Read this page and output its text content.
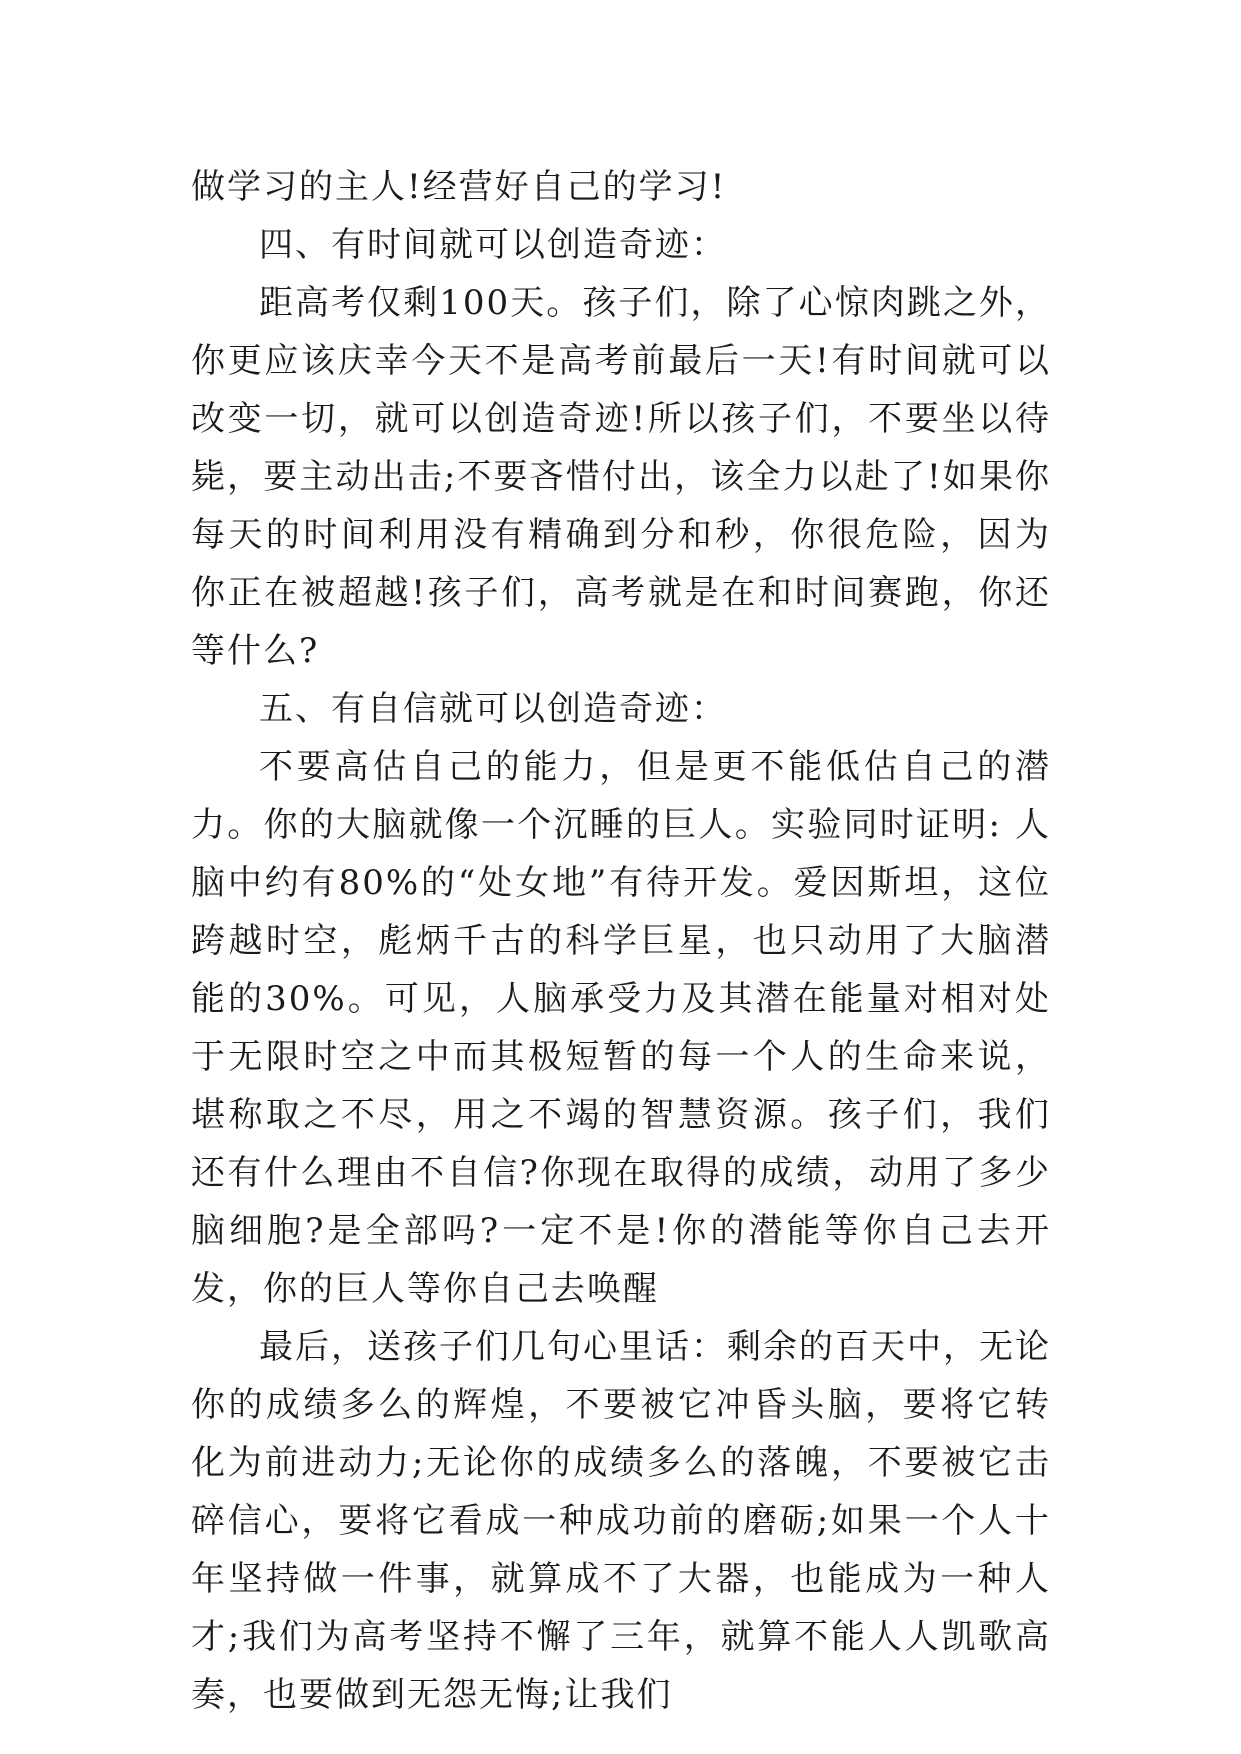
做学习的主人!经营好自己的学习!

四、有时间就可以创造奇迹：

距高考仅剩100天。孩子们，除了心惊肉跳之外，你更应该庆幸今天不是高考前最后一天!有时间就可以改变一切，就可以创造奇迹!所以孩子们，不要坐以待毙，要主动出击;不要吝惜付出，该全力以赴了!如果你每天的时间利用没有精确到分和秒，你很危险，因为你正在被超越!孩子们，高考就是在和时间赛跑，你还等什么?

五、有自信就可以创造奇迹：

不要高估自己的能力，但是更不能低估自己的潜力。你的大脑就像一个沉睡的巨人。实验同时证明: 人脑中约有80%的“处女地”有待开发。爱因斯坦，这位跨越时空，彪炳千古的科学巨星，也只动用了大脑潜能的30%。可见，人脑承受力及其潜在能量对相对处于无限时空之中而其极短暂的每一个人的生命来说，堪称取之不尽，用之不竭的智慧资源。孩子们，我们还有什么理由不自信?你现在取得的成绩，动用了多少脑细胞?是全部吗?一定不是!你的潜能等你自己去开发，你的巨人等你自己去唤醒

最后，送孩子们几句心里话：剩余的百天中，无论你的成绩多么的辉煌，不要被它冲昏头脑，要将它转化为前进动力;无论你的成绩多么的落魄，不要被它击碎信心，要将它看成一种成功前的磨砺;如果一个人十年坚持做一件事，就算成不了大器，也能成为一种人才;我们为高考坚持不懈了三年，就算不能人人凯歌高奏，也要做到无怨无悔;让我们
